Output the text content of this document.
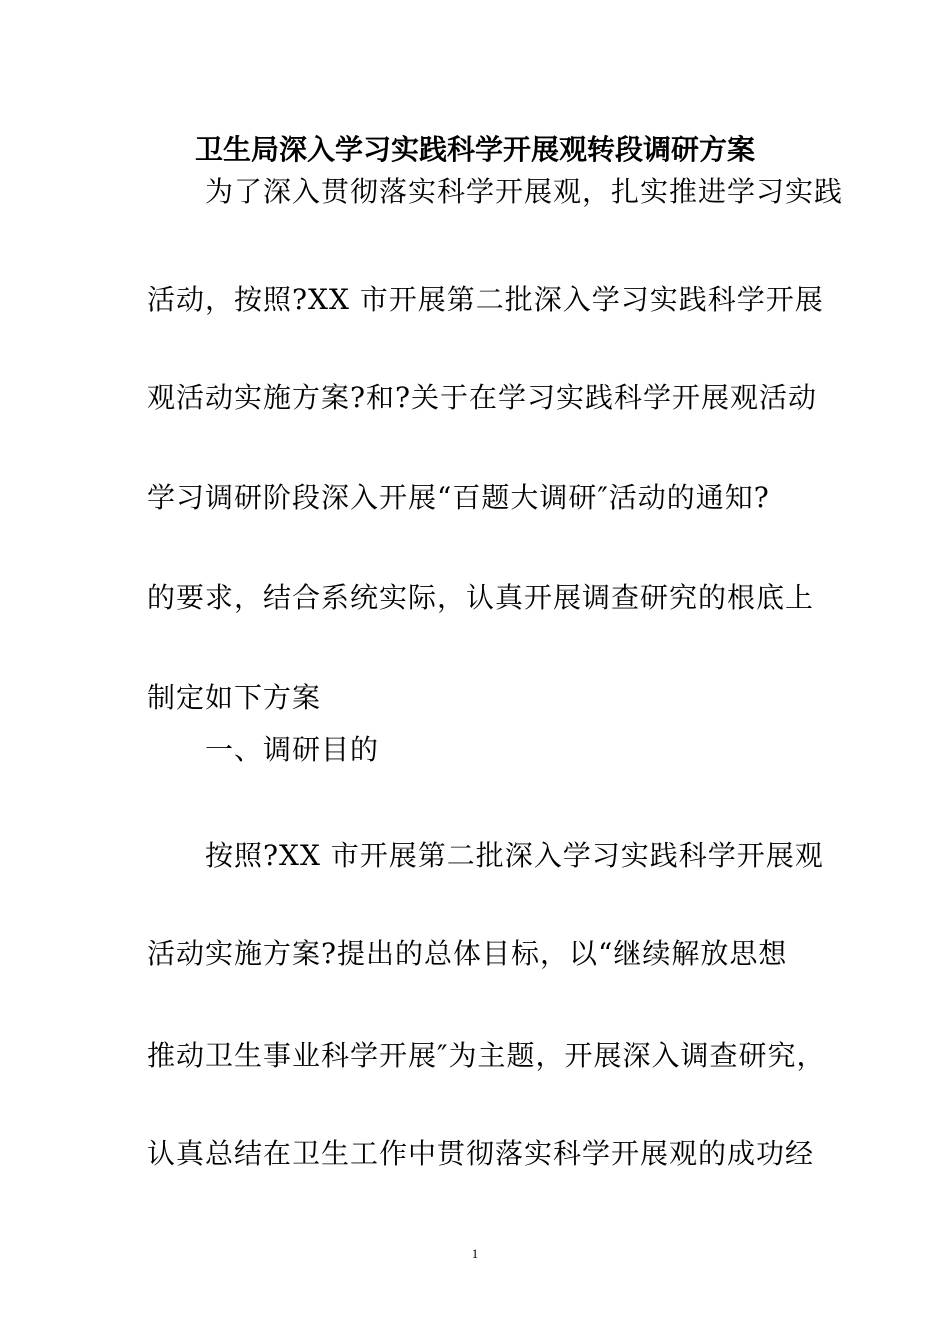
卫生局深入学习实践科学开展观转段调研方案
为了深入贯彻落实科学开展观，扎实推进学习实践
活动，按照?XX 市开展第二批深入学习实践科学开展
观活动实施方案?和?关于在学习实践科学开展观活动
学习调研阶段深入开展“百题大调研″活动的通知?
的要求，结合系统实际，认真开展调查研究的根底上
制定如下方案
一、调研目的
按照?XX 市开展第二批深入学习实践科学开展观
活动实施方案?提出的总体目标，以“继续解放思想
推动卫生事业科学开展″为主题，开展深入调查研究，
认真总结在卫生工作中贯彻落实科学开展观的成功经
1
